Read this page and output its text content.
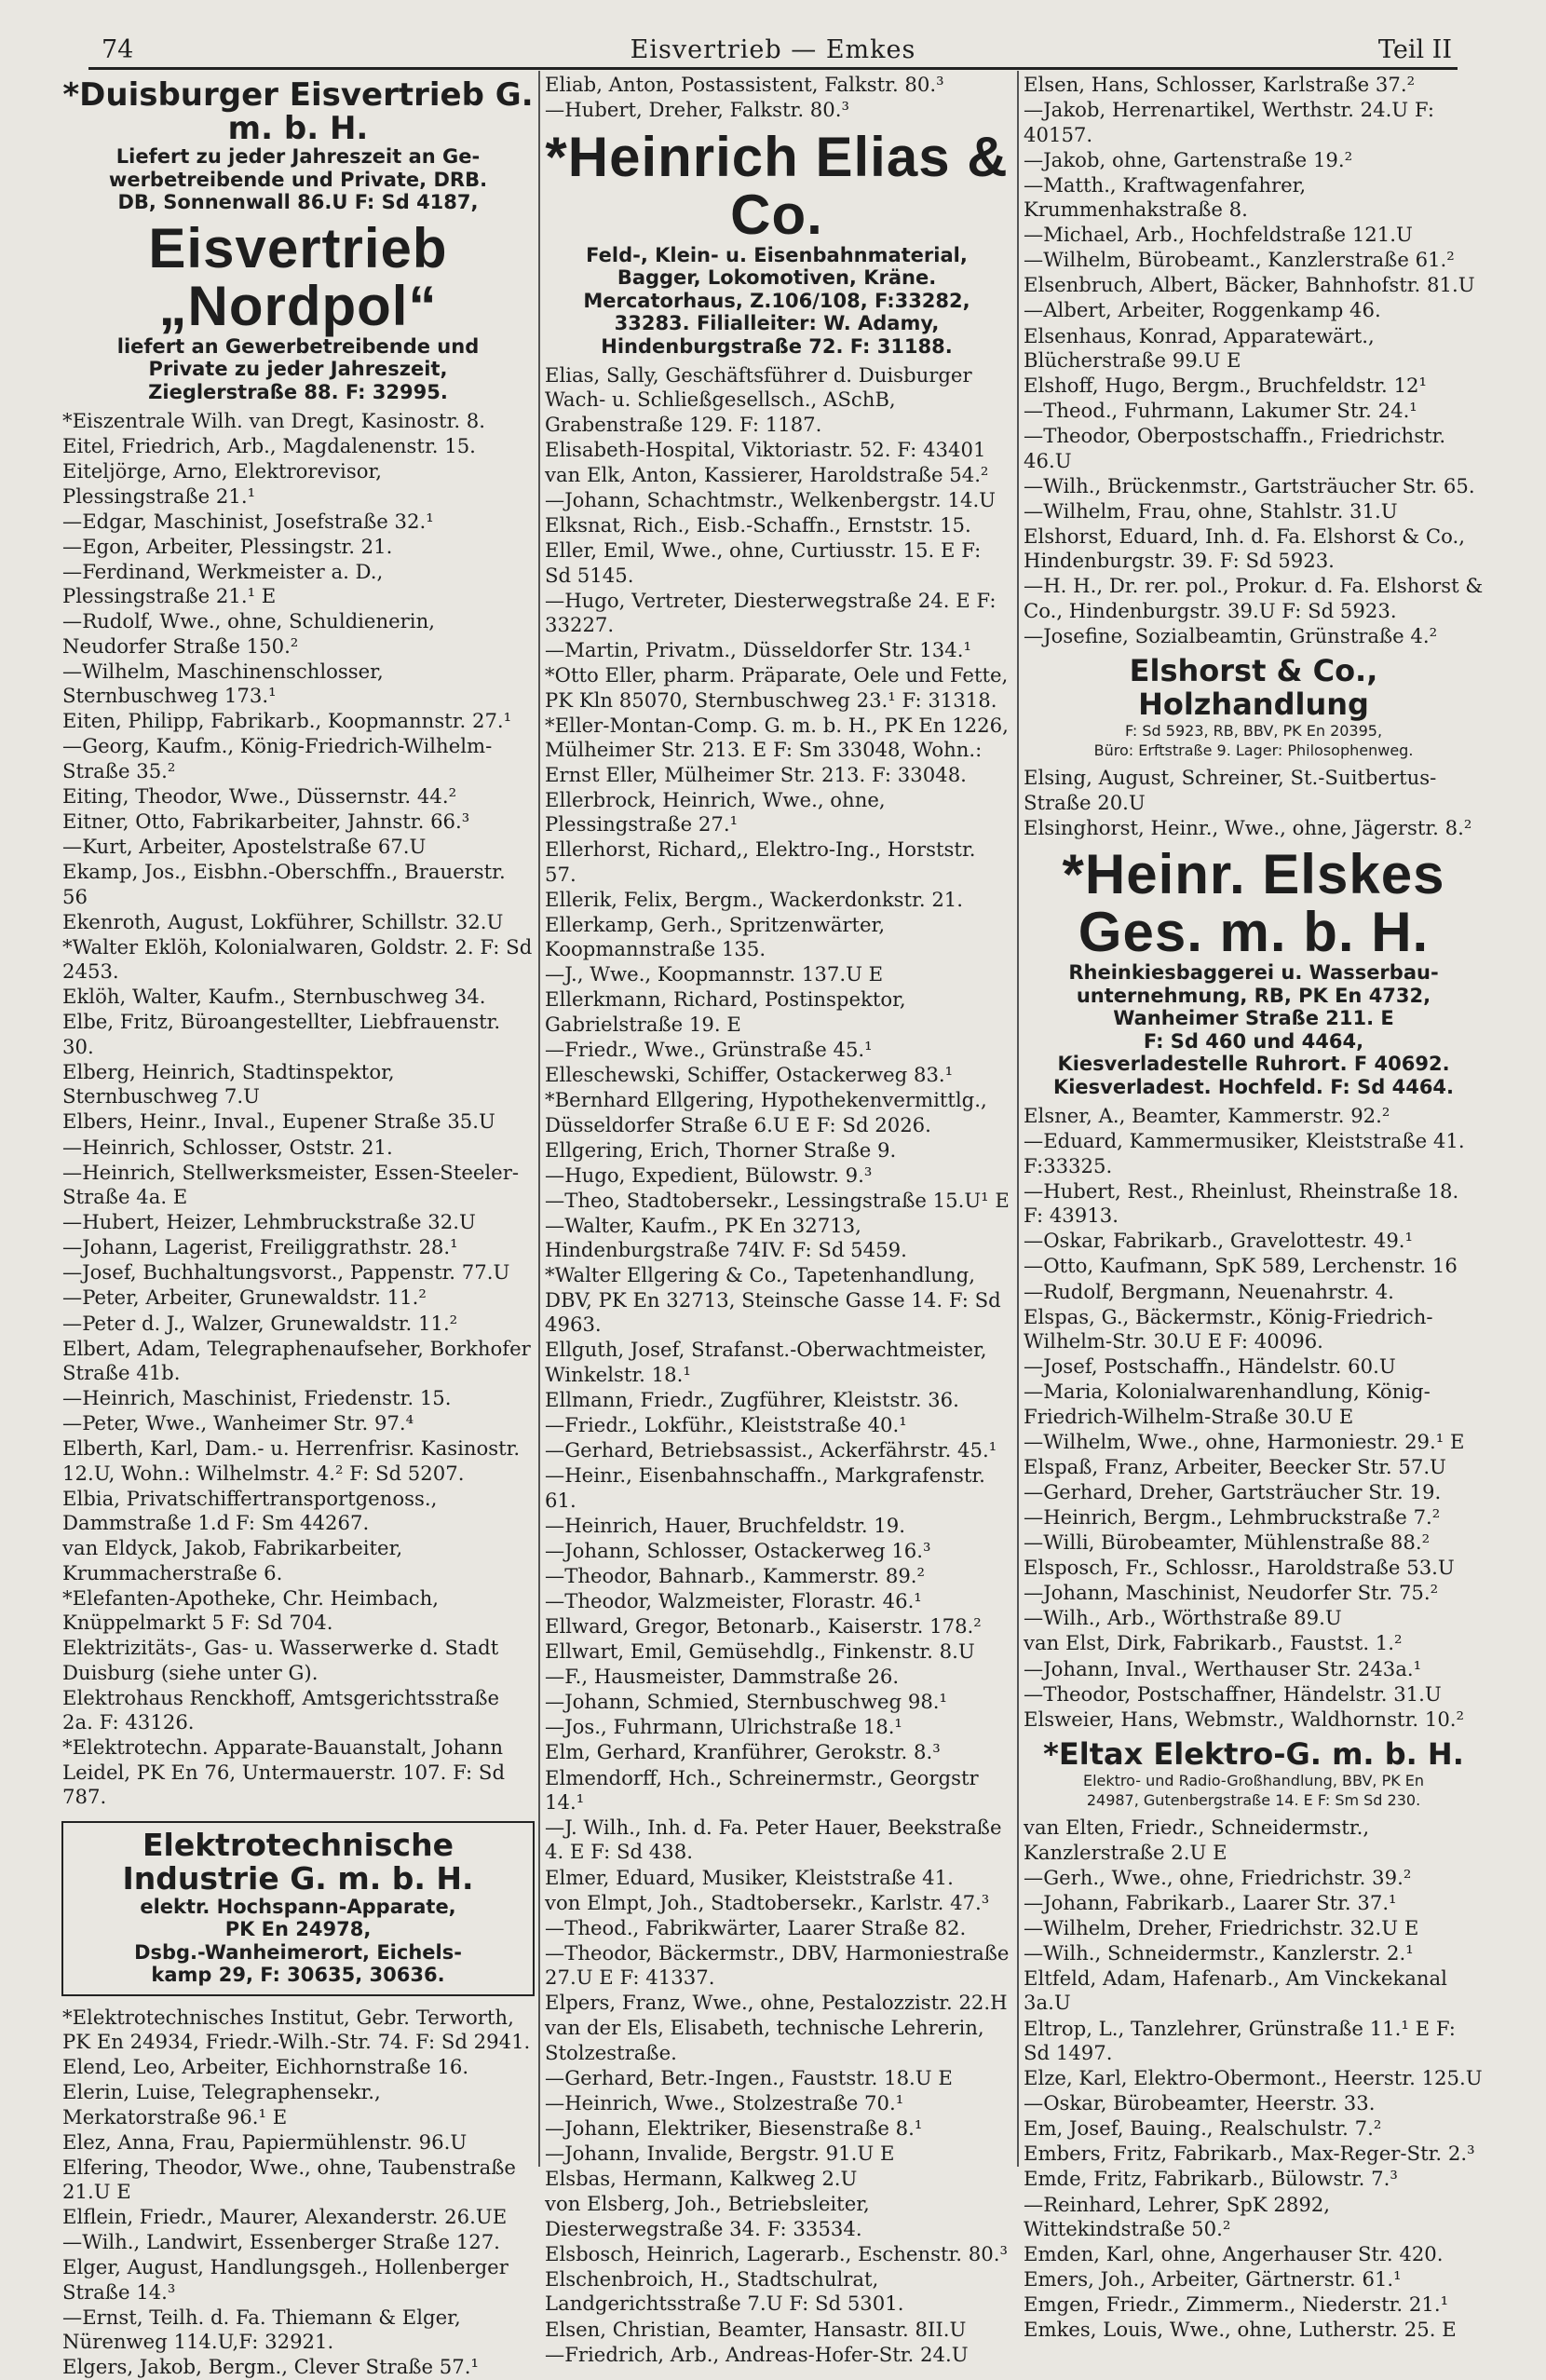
74	Eisvertrieb — Emkes	Teil II
*Duisburger Eisvertrieb G. m. b. H.
Liefert zu jeder Jahreszeit an Ge-
werbetreibende und Private, DRB.
DB, Sonnenwall 86.U F: Sd 4187,
Eisvertrieb „Nordpol“
liefert an Gewerbetreibende und
Private zu jeder Jahreszeit,
Zieglerstraße 88. F: 32995.
*Eiszentrale Wilh. van Dregt, Kasinostr. 8.
Eitel, Friedrich, Arb., Magdalenenstr. 15.
Eiteljörge, Arno, Elektrorevisor, Plessingstraße 21.¹
—Edgar, Maschinist, Josefstraße 32.¹
—Egon, Arbeiter, Plessingstr. 21.
—Ferdinand, Werkmeister a. D., Plessingstraße 21.¹ E
—Rudolf, Wwe., ohne, Schuldienerin, Neudorfer Straße 150.²
—Wilhelm, Maschinenschlosser, Sternbuschweg 173.¹
Eiten, Philipp, Fabrikarb., Koopmannstr. 27.¹
—Georg, Kaufm., König-Friedrich-Wilhelm-Straße 35.²
Eiting, Theodor, Wwe., Düssernstr. 44.²
Eitner, Otto, Fabrikarbeiter, Jahnstr. 66.³
—Kurt, Arbeiter, Apostelstraße 67.U
Ekamp, Jos., Eisbhn.-Oberschffn., Brauerstr. 56
Ekenroth, August, Lokführer, Schillstr. 32.U
*Walter Eklöh, Kolonialwaren, Goldstr. 2. F: Sd 2453.
Eklöh, Walter, Kaufm., Sternbuschweg 34.
Elbe, Fritz, Büroangestellter, Liebfrauenstr. 30.
Elberg, Heinrich, Stadtinspektor, Sternbuschweg 7.U
Elbers, Heinr., Inval., Eupener Straße 35.U
—Heinrich, Schlosser, Oststr. 21.
—Heinrich, Stellwerksmeister, Essen-Steeler-Straße 4a. E
—Hubert, Heizer, Lehmbruckstraße 32.U
—Johann, Lagerist, Freiliggrathstr. 28.¹
—Josef, Buchhaltungsvorst., Pappenstr. 77.U
—Peter, Arbeiter, Grunewaldstr. 11.²
—Peter d. J., Walzer, Grunewaldstr. 11.²
Elbert, Adam, Telegraphenaufseher, Borkhofer Straße 41b.
—Heinrich, Maschinist, Friedenstr. 15.
—Peter, Wwe., Wanheimer Str. 97.⁴
Elberth, Karl, Dam.- u. Herrenfrisr. Kasinostr. 12.U, Wohn.: Wilhelmstr. 4.² F: Sd 5207.
Elbia, Privatschiffertransportgenoss., Dammstraße 1.d F: Sm 44267.
van Eldyck, Jakob, Fabrikarbeiter, Krummacherstraße 6.
*Elefanten-Apotheke, Chr. Heimbach, Knüppelmarkt 5 F: Sd 704.
Elektrizitäts-, Gas- u. Wasserwerke d. Stadt Duisburg (siehe unter G).
Elektrohaus Renckhoff, Amtsgerichtsstraße 2a. F: 43126.
*Elektrotechn. Apparate-Bauanstalt, Johann Leidel, PK En 76, Untermauerstr. 107. F: Sd 787.
Elektrotechnische Industrie G. m. b. H.
elektr. Hochspann-Apparate,
PK En 24978,
Dsbg.-Wanheimerort, Eichels-
kamp 29, F: 30635, 30636.
*Elektrotechnisches Institut, Gebr. Terworth, PK En 24934, Friedr.-Wilh.-Str. 74. F: Sd 2941.
Elend, Leo, Arbeiter, Eichhornstraße 16.
Elerin, Luise, Telegraphensekr., Merkatorstraße 96.¹ E
Elez, Anna, Frau, Papiermühlenstr. 96.U
Elfering, Theodor, Wwe., ohne, Taubenstraße 21.U E
Elflein, Friedr., Maurer, Alexanderstr. 26.UE
—Wilh., Landwirt, Essenberger Straße 127.
Elger, August, Handlungsgeh., Hollenberger Straße 14.³
—Ernst, Teilh. d. Fa. Thiemann & Elger, Nürenweg 114.U,F: 32921.
Elgers, Jakob, Bergm., Clever Straße 57.¹
Eliab, Anton, Postassistent, Falkstr. 80.³
—Hubert, Dreher, Falkstr. 80.³
*Heinrich Elias & Co.
Feld-, Klein- u. Eisenbahnmaterial,
Bagger, Lokomotiven, Kräne.
Mercatorhaus, Z.106/108, F:33282,
33283. Filialleiter: W. Adamy,
Hindenburgstraße 72. F: 31188.
Elias, Sally, Geschäftsführer d. Duisburger Wach- u. Schließgesellsch., ASchB, Grabenstraße 129. F: 1187.
Elisabeth-Hospital, Viktoriastr. 52. F: 43401
van Elk, Anton, Kassierer, Haroldstraße 54.²
—Johann, Schachtmstr., Welkenbergstr. 14.U
Elksnat, Rich., Eisb.-Schaffn., Ernststr. 15.
Eller, Emil, Wwe., ohne, Curtiusstr. 15. E F: Sd 5145.
—Hugo, Vertreter, Diesterwegstraße 24. E F: 33227.
—Martin, Privatm., Düsseldorfer Str. 134.¹
*Otto Eller, pharm. Präparate, Oele und Fette, PK Kln 85070, Sternbuschweg 23.¹ F: 31318.
*Eller-Montan-Comp. G. m. b. H., PK En 1226, Mülheimer Str. 213. E F: Sm 33048, Wohn.: Ernst Eller, Mülheimer Str. 213. F: 33048.
Ellerbrock, Heinrich, Wwe., ohne, Plessingstraße 27.¹
Ellerhorst, Richard,, Elektro-Ing., Horststr. 57.
Ellerik, Felix, Bergm., Wackerdonkstr. 21.
Ellerkamp, Gerh., Spritzenwärter, Koopmannstraße 135.
—J., Wwe., Koopmannstr. 137.U E
Ellerkmann, Richard, Postinspektor, Gabrielstraße 19. E
—Friedr., Wwe., Grünstraße 45.¹
Elleschewski, Schiffer, Ostackerweg 83.¹
*Bernhard Ellgering, Hypothekenvermittlg., Düsseldorfer Straße 6.U E F: Sd 2026.
Ellgering, Erich, Thorner Straße 9.
—Hugo, Expedient, Bülowstr. 9.³
—Theo, Stadtobersekr., Lessingstraße 15.U¹ E
—Walter, Kaufm., PK En 32713, Hindenburgstraße 74IV. F: Sd 5459.
*Walter Ellgering & Co., Tapetenhandlung, DBV, PK En 32713, Steinsche Gasse 14. F: Sd 4963.
Ellguth, Josef, Strafanst.-Oberwachtmeister, Winkelstr. 18.¹
Ellmann, Friedr., Zugführer, Kleiststr. 36.
—Friedr., Lokführ., Kleiststraße 40.¹
—Gerhard, Betriebsassist., Ackerfährstr. 45.¹
—Heinr., Eisenbahnschaffn., Markgrafenstr. 61.
—Heinrich, Hauer, Bruchfeldstr. 19.
—Johann, Schlosser, Ostackerweg 16.³
—Theodor, Bahnarb., Kammerstr. 89.²
—Theodor, Walzmeister, Florastr. 46.¹
Ellward, Gregor, Betonarb., Kaiserstr. 178.²
Ellwart, Emil, Gemüsehdlg., Finkenstr. 8.U
—F., Hausmeister, Dammstraße 26.
—Johann, Schmied, Sternbuschweg 98.¹
—Jos., Fuhrmann, Ulrichstraße 18.¹
Elm, Gerhard, Kranführer, Gerokstr. 8.³
Elmendorff, Hch., Schreinermstr., Georgstr 14.¹
—J. Wilh., Inh. d. Fa. Peter Hauer, Beekstraße 4. E F: Sd 438.
Elmer, Eduard, Musiker, Kleiststraße 41.
von Elmpt, Joh., Stadtobersekr., Karlstr. 47.³
—Theod., Fabrikwärter, Laarer Straße 82.
—Theodor, Bäckermstr., DBV, Harmoniestraße 27.U E F: 41337.
Elpers, Franz, Wwe., ohne, Pestalozzistr. 22.H
van der Els, Elisabeth, technische Lehrerin, Stolzestraße.
—Gerhard, Betr.-Ingen., Fauststr. 18.U E
—Heinrich, Wwe., Stolzestraße 70.¹
—Johann, Elektriker, Biesenstraße 8.¹
—Johann, Invalide, Bergstr. 91.U E
Elsbas, Hermann, Kalkweg 2.U
von Elsberg, Joh., Betriebsleiter, Diesterwegstraße 34. F: 33534.
Elsbosch, Heinrich, Lagerarb., Eschenstr. 80.³
Elschenbroich, H., Stadtschulrat, Landgerichtsstraße 7.U F: Sd 5301.
Elsen, Christian, Beamter, Hansastr. 8II.U
—Friedrich, Arb., Andreas-Hofer-Str. 24.U
Elsen, Hans, Schlosser, Karlstraße 37.²
—Jakob, Herrenartikel, Werthstr. 24.U F: 40157.
—Jakob, ohne, Gartenstraße 19.²
—Matth., Kraftwagenfahrer, Krummenhakstraße 8.
—Michael, Arb., Hochfeldstraße 121.U
—Wilhelm, Bürobeamt., Kanzlerstraße 61.²
Elsenbruch, Albert, Bäcker, Bahnhofstr. 81.U
—Albert, Arbeiter, Roggenkamp 46.
Elsenhaus, Konrad, Apparatewärt., Blücherstraße 99.U E
Elshoff, Hugo, Bergm., Bruchfeldstr. 12¹
—Theod., Fuhrmann, Lakumer Str. 24.¹
—Theodor, Oberpostschaffn., Friedrichstr. 46.U
—Wilh., Brückenmstr., Gartsträucher Str. 65.
—Wilhelm, Frau, ohne, Stahlstr. 31.U
Elshorst, Eduard, Inh. d. Fa. Elshorst & Co., Hindenburgstr. 39. F: Sd 5923.
—H. H., Dr. rer. pol., Prokur. d. Fa. Elshorst & Co., Hindenburgstr. 39.U F: Sd 5923.
—Josefine, Sozialbeamtin, Grünstraße 4.²
Elshorst & Co., Holzhandlung
F: Sd 5923, RB, BBV, PK En 20395,
Büro: Erftstraße 9. Lager: Philosophenweg.
Elsing, August, Schreiner, St.-Suitbertus-Straße 20.U
Elsinghorst, Heinr., Wwe., ohne, Jägerstr. 8.²
*Heinr. Elskes Ges. m. b. H.
Rheinkiesbaggerei u. Wasserbau-
unternehmung, RB, PK En 4732,
Wanheimer Straße 211. E
F: Sd 460 und 4464,
Kiesverladestelle Ruhrort. F 40692.
Kiesverladest. Hochfeld. F: Sd 4464.
Elsner, A., Beamter, Kammerstr. 92.²
—Eduard, Kammermusiker, Kleiststraße 41. F:33325.
—Hubert, Rest., Rheinlust, Rheinstraße 18. F: 43913.
—Oskar, Fabrikarb., Gravelottestr. 49.¹
—Otto, Kaufmann, SpK 589, Lerchenstr. 16
—Rudolf, Bergmann, Neuenahrstr. 4.
Elspas, G., Bäckermstr., König-Friedrich-Wilhelm-Str. 30.U E F: 40096.
—Josef, Postschaffn., Händelstr. 60.U
—Maria, Kolonialwarenhandlung, König-Friedrich-Wilhelm-Straße 30.U E
—Wilhelm, Wwe., ohne, Harmoniestr. 29.¹ E
Elspaß, Franz, Arbeiter, Beecker Str. 57.U
—Gerhard, Dreher, Gartsträucher Str. 19.
—Heinrich, Bergm., Lehmbruckstraße 7.²
—Willi, Bürobeamter, Mühlenstraße 88.²
Elsposch, Fr., Schlossr., Haroldstraße 53.U
—Johann, Maschinist, Neudorfer Str. 75.²
—Wilh., Arb., Wörthstraße 89.U
van Elst, Dirk, Fabrikarb., Faustst. 1.²
—Johann, Inval., Werthauser Str. 243a.¹
—Theodor, Postschaffner, Händelstr. 31.U
Elsweier, Hans, Webmstr., Waldhornstr. 10.²
*Eltax Elektro-G. m. b. H.
Elektro- und Radio-Großhandlung, BBV, PK En
24987, Gutenbergstraße 14. E F: Sm Sd 230.
van Elten, Friedr., Schneidermstr., Kanzlerstraße 2.U E
—Gerh., Wwe., ohne, Friedrichstr. 39.²
—Johann, Fabrikarb., Laarer Str. 37.¹
—Wilhelm, Dreher, Friedrichstr. 32.U E
—Wilh., Schneidermstr., Kanzlerstr. 2.¹
Eltfeld, Adam, Hafenarb., Am Vinckekanal 3a.U
Eltrop, L., Tanzlehrer, Grünstraße 11.¹ E F: Sd 1497.
Elze, Karl, Elektro-Obermont., Heerstr. 125.U
—Oskar, Bürobeamter, Heerstr. 33.
Em, Josef, Bauing., Realschulstr. 7.²
Embers, Fritz, Fabrikarb., Max-Reger-Str. 2.³
Emde, Fritz, Fabrikarb., Bülowstr. 7.³
—Reinhard, Lehrer, SpK 2892, Wittekindstraße 50.²
Emden, Karl, ohne, Angerhauser Str. 420.
Emers, Joh., Arbeiter, Gärtnerstr. 61.¹
Emgen, Friedr., Zimmerm., Niederstr. 21.¹
Emkes, Louis, Wwe., ohne, Lutherstr. 25. E
